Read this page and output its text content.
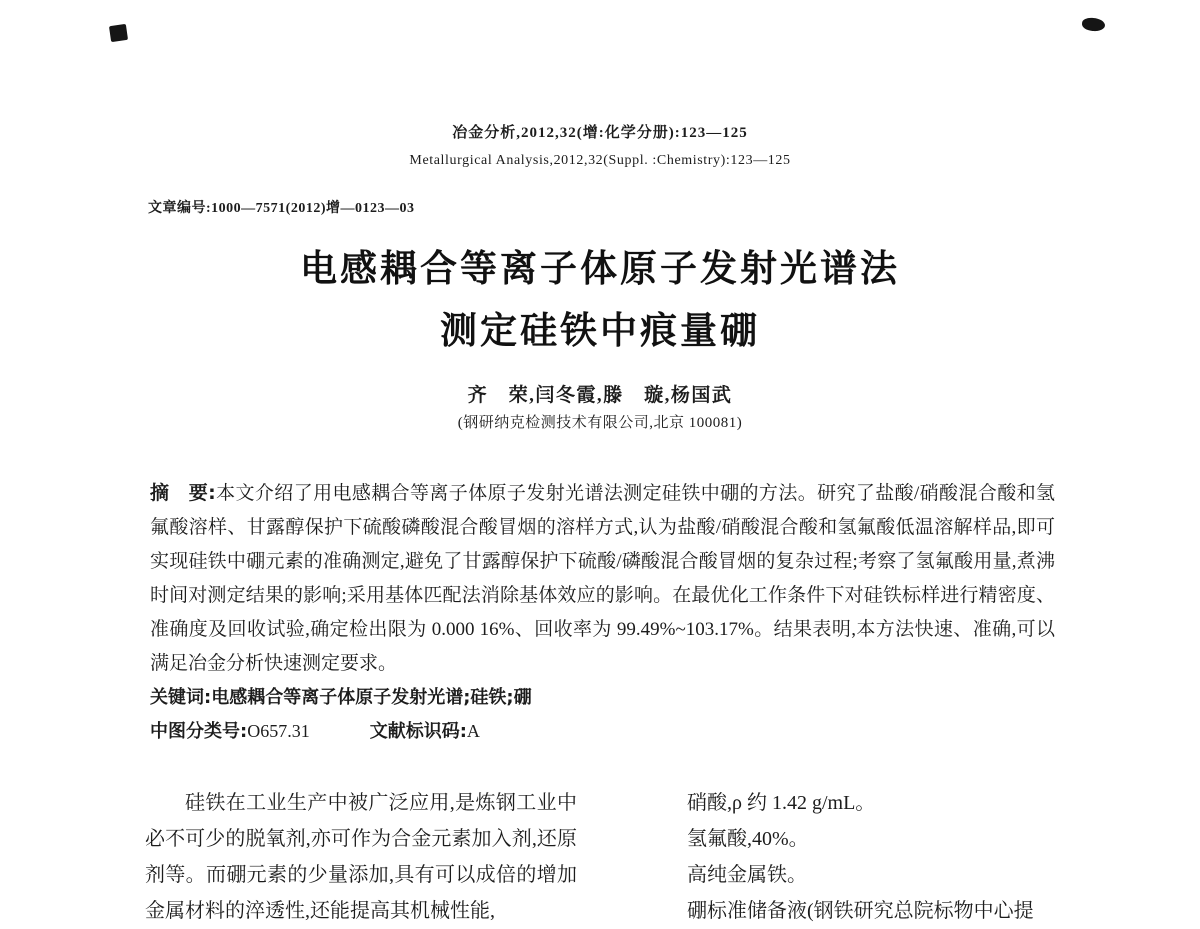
冶金分析,2012,32(增:化学分册):123—125
Metallurgical Analysis,2012,32(Suppl. :Chemistry):123—125
文章编号:1000—7571(2012)增—0123—03
电感耦合等离子体原子发射光谱法
测定硅铁中痕量硼
齐　荣,闫冬霞,滕　璇,杨国武
(钢研纳克检测技术有限公司,北京 100081)

摘　要:本文介绍了用电感耦合等离子体原子发射光谱法测定硅铁中硼的方法。研究了盐酸/硝酸混合酸和氢氟酸溶样、甘露醇保护下硫酸磷酸混合酸冒烟的溶样方式,认为盐酸/硝酸混合酸和氢氟酸低温溶解样品,即可实现硅铁中硼元素的准确测定,避免了甘露醇保护下硫酸/磷酸混合酸冒烟的复杂过程;考察了氢氟酸用量,煮沸时间对测定结果的影响;采用基体匹配法消除基体效应的影响。在最优化工作条件下对硅铁标样进行精密度、准确度及回收试验,确定检出限为 0.000 16%、回收率为 99.49%~103.17%。结果表明,本方法快速、准确,可以满足冶金分析快速测定要求。

关键词:电感耦合等离子体原子发射光谱;硅铁;硼

中图分类号:O657.31	文献标识码:A

硅铁在工业生产中被广泛应用,是炼钢工业中必不可少的脱氧剂,亦可作为合金元素加入剂,还原剂等。而硼元素的少量添加,具有可以成倍的增加金属材料的淬透性,还能提高其机械性能,

硝酸,ρ 约 1.42 g/mL。

氢氟酸,40%。

高纯金属铁。

硼标准储备液(钢铁研究总院标物中心提
